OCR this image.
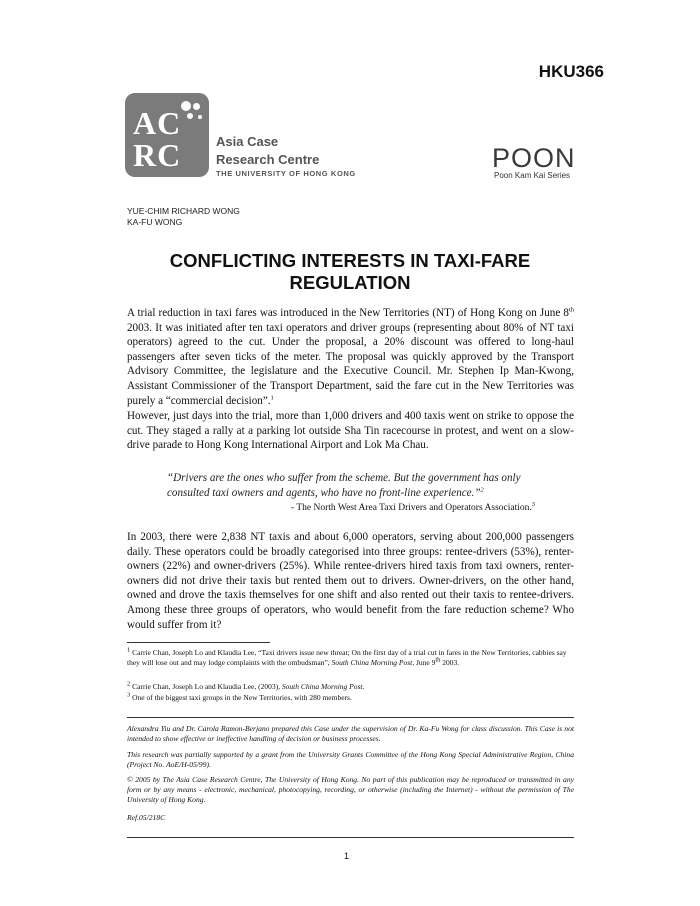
HKU366
AC
RC	Asia Case
Research Centre
THE UNIVERSITY OF HONG KONG
POON
Poon Kam Kai Series
YUE-CHIM RICHARD WONG
KA-FU WONG
CONFLICTING INTERESTS IN TAXI-FARE REGULATION
A trial reduction in taxi fares was introduced in the New Territories (NT) of Hong Kong on June 8th 2003. It was initiated after ten taxi operators and driver groups (representing about 80% of NT taxi operators) agreed to the cut. Under the proposal, a 20% discount was offered to long-haul passengers after seven ticks of the meter. The proposal was quickly approved by the Transport Advisory Committee, the legislature and the Executive Council. Mr. Stephen Ip Man-Kwong, Assistant Commissioner of the Transport Department, said the fare cut in the New Territories was purely a “commercial decision”.$^1$
However, just days into the trial, more than 1,000 drivers and 400 taxis went on strike to oppose the cut. They staged a rally at a parking lot outside Sha Tin racecourse in protest, and went on a slow-drive parade to Hong Kong International Airport and Lok Ma Chau.
“Drivers are the ones who suffer from the scheme. But the government has only consulted taxi owners and agents, who have no front-line experience.”$^2$
- The North West Area Taxi Drivers and Operators Association.$^3$
In 2003, there were 2,838 NT taxis and about 6,000 operators, serving about 200,000 passengers daily. These operators could be broadly categorised into three groups: rentee-drivers (53%), renter-owners (22%) and owner-drivers (25%). While rentee-drivers hired taxis from taxi owners, renter-owners did not drive their taxis but rented them out to drivers. Owner-drivers, on the other hand, owned and drove the taxis themselves for one shift and also rented out their taxis to rentee-drivers. Among these three groups of operators, who would benefit from the fare reduction scheme? Who would suffer from it?
$^1$ Carrie Chan, Joseph Lo and Klaudia Lee, “Taxi drivers issue new threat; On the first day of a trial cut in fares in the New Territories, cabbies say they will lose out and may lodge complaints with the ombudsman”, South China Morning Post, June 9th 2003.
$^2$ Carrie Chan, Joseph Lo and Klaudia Lee, (2003), South China Morning Post.
$^3$ One of the biggest taxi groups in the New Territories, with 280 members.
Alexandra Yiu and Dr. Carola Ramon-Berjano prepared this Case under the supervision of Dr. Ka-Fu Wong for class discussion. This Case is not intended to show effective or ineffective handling of decision or business processes.
This research was partially supported by a grant from the University Grants Committee of the Hong Kong Special Administrative Region, China (Project No. AoE/H-05/99).
© 2005 by The Asia Case Research Centre, The University of Hong Kong. No part of this publication may be reproduced or transmitted in any form or by any means - electronic, mechanical, photocopying, recording, or otherwise (including the Internet) - without the permission of The University of Hong Kong.
Ref.05/218C
1
